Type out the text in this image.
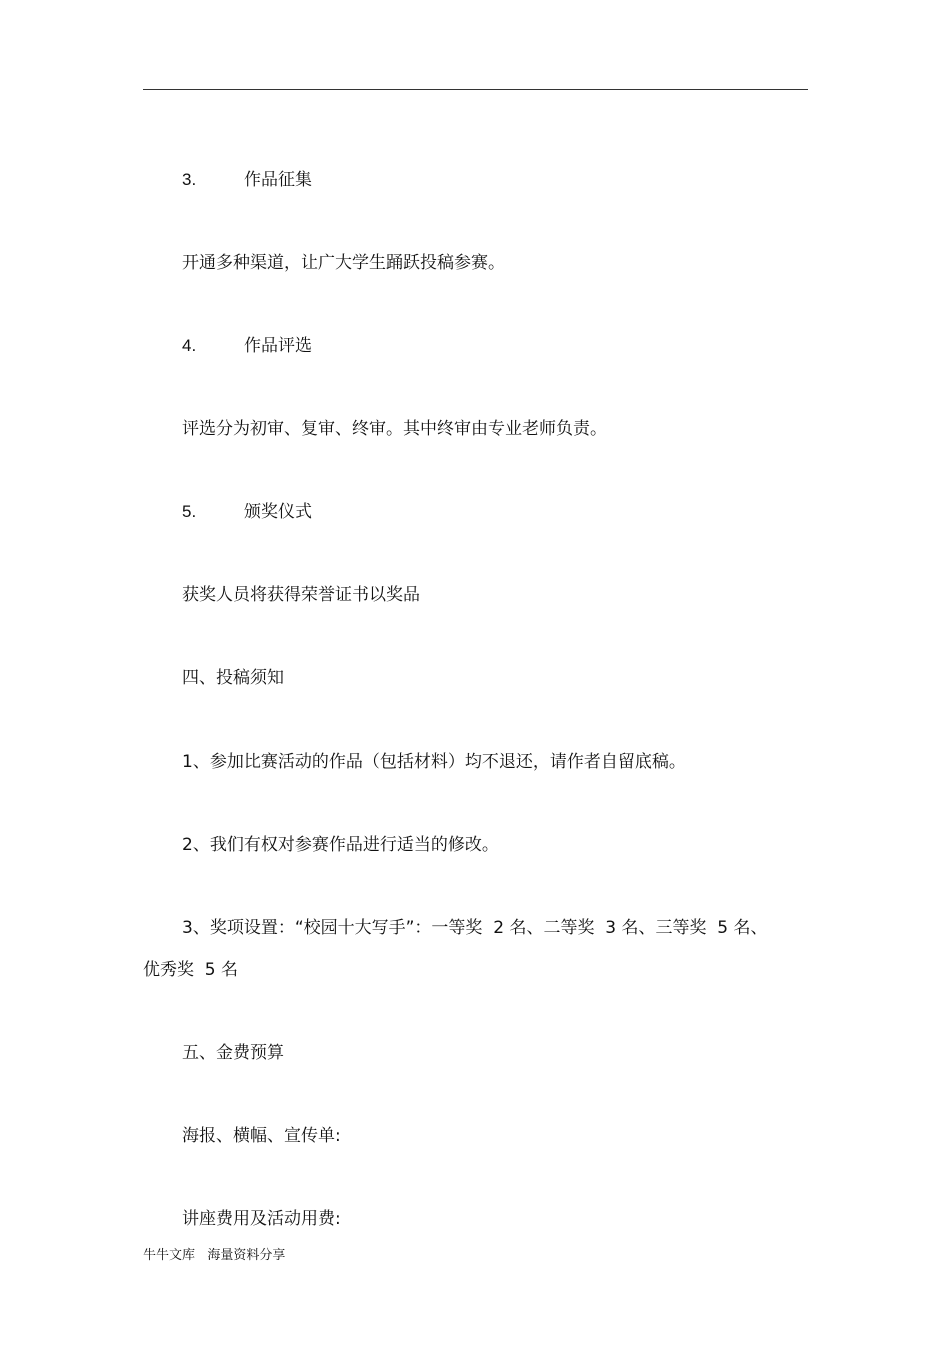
3.	作品征集
开通多种渠道，让广大学生踊跃投稿参赛。
4.	作品评选
评选分为初审、复审、终审。其中终审由专业老师负责。
5.	颁奖仪式
获奖人员将获得荣誉证书以奖品
四、投稿须知
1、参加比赛活动的作品（包括材料）均不退还，请作者自留底稿。
2、我们有权对参赛作品进行适当的修改。
3、奖项设置：“校园十大写手”：一等奖  2 名、二等奖  3 名、三等奖  5 名、
优秀奖  5 名
五、金费预算
海报、横幅、宣传单:
讲座费用及活动用费:
牛牛文库   海量资料分享
